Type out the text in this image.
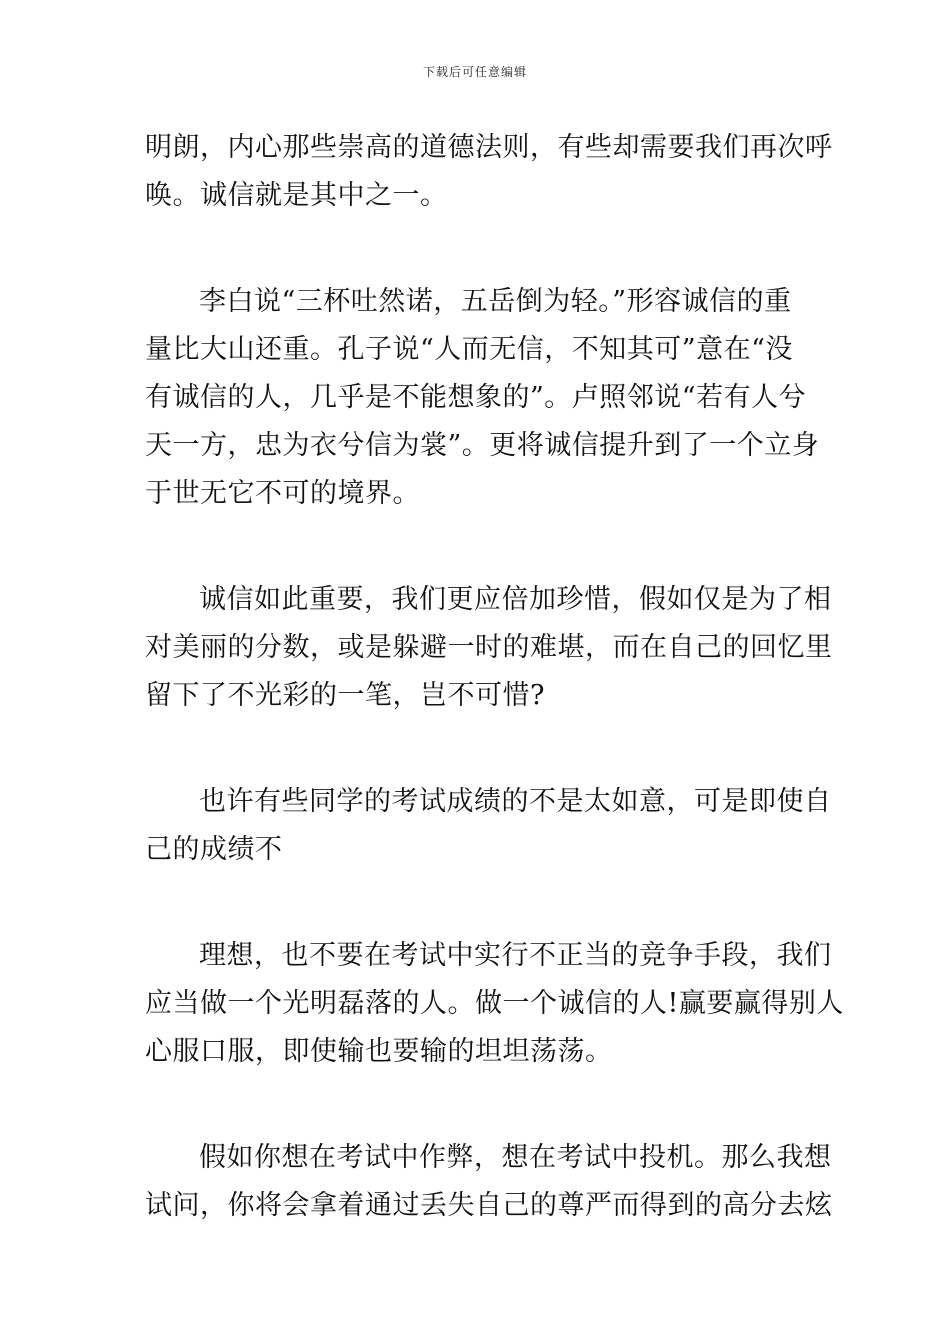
下载后可任意编辑
明朗，内心那些崇高的道德法则，有些却需要我们再次呼
唤。诚信就是其中之一。
李白说“三杯吐然诺，五岳倒为轻。”形容诚信的重
量比大山还重。孔子说“人而无信，不知其可”意在“没
有诚信的人，几乎是不能想象的”。卢照邻说“若有人兮
天一方，忠为衣兮信为裳”。更将诚信提升到了一个立身
于世无它不可的境界。
诚信如此重要，我们更应倍加珍惜，假如仅是为了相
对美丽的分数，或是躲避一时的难堪，而在自己的回忆里
留下了不光彩的一笔，岂不可惜?
也许有些同学的考试成绩的不是太如意，可是即使自
己的成绩不
理想，也不要在考试中实行不正当的竞争手段，我们
应当做一个光明磊落的人。做一个诚信的人!赢要赢得别人
心服口服，即使输也要输的坦坦荡荡。
假如你想在考试中作弊，想在考试中投机。那么我想
试问，你将会拿着通过丢失自己的尊严而得到的高分去炫
